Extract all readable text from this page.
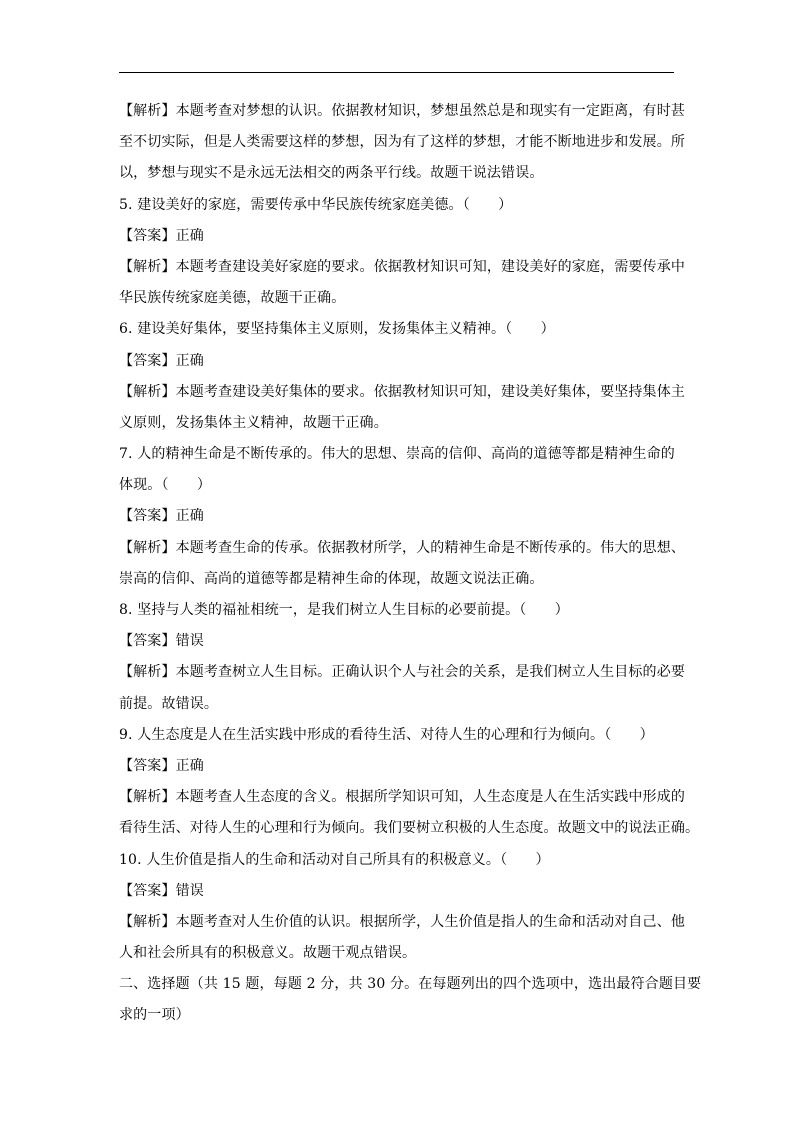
【解析】本题考查对梦想的认识。依据教材知识，梦想虽然总是和现实有一定距离，有时甚
至不切实际，但是人类需要这样的梦想，因为有了这样的梦想，才能不断地进步和发展。所
以，梦想与现实不是永远无法相交的两条平行线。故题干说法错误。
5. 建设美好的家庭，需要传承中华民族传统家庭美德。（　　）
【答案】正确
【解析】本题考查建设美好家庭的要求。依据教材知识可知，建设美好的家庭，需要传承中
华民族传统家庭美德，故题干正确。
6. 建设美好集体，要坚持集体主义原则，发扬集体主义精神。（　　）
【答案】正确
【解析】本题考查建设美好集体的要求。依据教材知识可知，建设美好集体，要坚持集体主
义原则，发扬集体主义精神，故题干正确。
7. 人的精神生命是不断传承的。伟大的思想、崇高的信仰、高尚的道德等都是精神生命的
体现。（　　）
【答案】正确
【解析】本题考查生命的传承。依据教材所学，人的精神生命是不断传承的。伟大的思想、
崇高的信仰、高尚的道德等都是精神生命的体现，故题文说法正确。
8. 坚持与人类的福祉相统一，是我们树立人生目标的必要前提。（　　）
【答案】错误
【解析】本题考查树立人生目标。正确认识个人与社会的关系，是我们树立人生目标的必要
前提。故错误。
9. 人生态度是人在生活实践中形成的看待生活、对待人生的心理和行为倾向。（　　）
【答案】正确
【解析】本题考查人生态度的含义。根据所学知识可知，人生态度是人在生活实践中形成的
看待生活、对待人生的心理和行为倾向。我们要树立积极的人生态度。故题文中的说法正确。
10. 人生价值是指人的生命和活动对自己所具有的积极意义。（　　）
【答案】错误
【解析】本题考查对人生价值的认识。根据所学，人生价值是指人的生命和活动对自己、他
人和社会所具有的积极意义。故题干观点错误。
二、选择题（共 15 题，每题 2 分，共 30 分。在每题列出的四个选项中，选出最符合题目要
求的一项）
